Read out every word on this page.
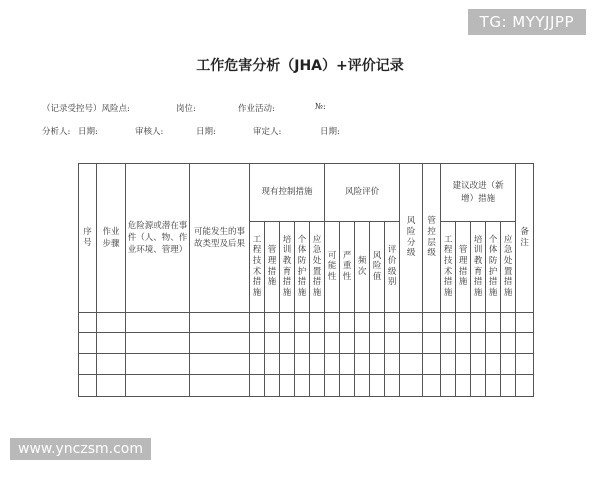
TG: MYYJJPP
工作危害分析（JHA）+评价记录
（记录受控号）风险点:	岗位:	作业活动:	№:
分析人: 日期:	审核人:	日期:	审定人:	日期:
序号	作业步骤	危险源或潜在事件（人、物、作业环境、管理）	可能发生的事故类型及后果	现有控制措施					风险评价					风险分级	管控层级	建议改进（新增）措施					备注
				工程技术措施	管理措施	培训教育措施	个体防护措施	应急处置措施	可能性	严重性	频次	风险值	评价级别			工程技术措施	管理措施	培训教育措施	个体防护措施	应急处置措施	

www.ynczsm.com
